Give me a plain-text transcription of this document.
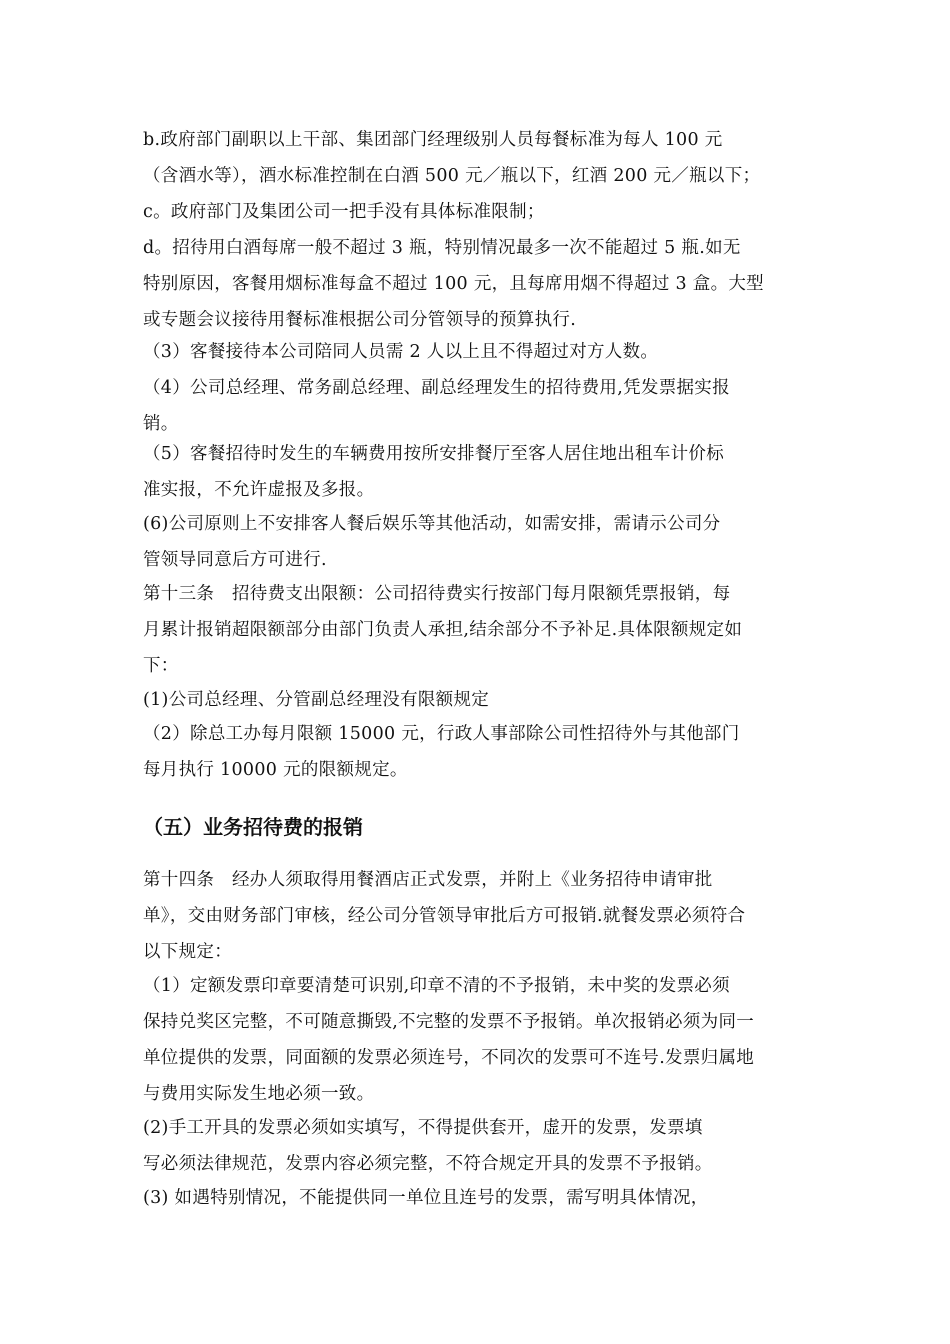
b.政府部门副职以上干部、集团部门经理级别人员每餐标准为每人 100 元
（含酒水等），酒水标准控制在白酒 500 元／瓶以下，红酒 200 元／瓶以下；
c。政府部门及集团公司一把手没有具体标准限制；
d。招待用白酒每席一般不超过 3 瓶，特别情况最多一次不能超过 5 瓶.如无
特别原因，客餐用烟标准每盒不超过 100 元，且每席用烟不得超过 3 盒。大型
或专题会议接待用餐标准根据公司分管领导的预算执行.
（3）客餐接待本公司陪同人员需 2 人以上且不得超过对方人数。
（4）公司总经理、常务副总经理、副总经理发生的招待费用,凭发票据实报
销。
（5）客餐招待时发生的车辆费用按所安排餐厅至客人居住地出租车计价标
准实报，不允许虚报及多报。
(6)公司原则上不安排客人餐后娱乐等其他活动，如需安排，需请示公司分
管领导同意后方可进行.
第十三条　招待费支出限额：公司招待费实行按部门每月限额凭票报销，每
月累计报销超限额部分由部门负责人承担,结余部分不予补足.具体限额规定如
下：
(1)公司总经理、分管副总经理没有限额规定
（2）除总工办每月限额 15000 元，行政人事部除公司性招待外与其他部门
每月执行 10000 元的限额规定。
（五）业务招待费的报销
第十四条　经办人须取得用餐酒店正式发票，并附上《业务招待申请审批
单》，交由财务部门审核，经公司分管领导审批后方可报销.就餐发票必须符合
以下规定：
（1）定额发票印章要清楚可识别,印章不清的不予报销，未中奖的发票必须
保持兑奖区完整，不可随意撕毁,不完整的发票不予报销。单次报销必须为同一
单位提供的发票，同面额的发票必须连号，不同次的发票可不连号.发票归属地
与费用实际发生地必须一致。
(2)手工开具的发票必须如实填写，不得提供套开，虚开的发票，发票填
写必须法律规范，发票内容必须完整，不符合规定开具的发票不予报销。
(3) 如遇特别情况，不能提供同一单位且连号的发票，需写明具体情况，
